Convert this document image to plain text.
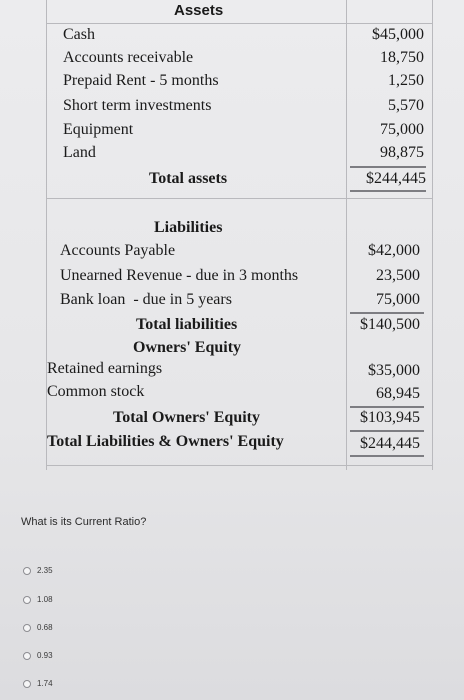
Assets
Cash	$45,000
Accounts receivable	18,750
Prepaid Rent - 5 months	1,250
Short term investments	5,570
Equipment	75,000
Land	98,875
Total assets	$244,445
Liabilities
Accounts Payable	$42,000
Unearned Revenue - due in 3 months	23,500
Bank loan  - due in 5 years	75,000
Total liabilities	$140,500
Owners' Equity
Retained earnings	$35,000
Common stock	68,945
Total Owners' Equity	$103,945
Total Liabilities & Owners' Equity	$244,445
What is its Current Ratio?
2.35
1.08
0.68
0.93
1.74
